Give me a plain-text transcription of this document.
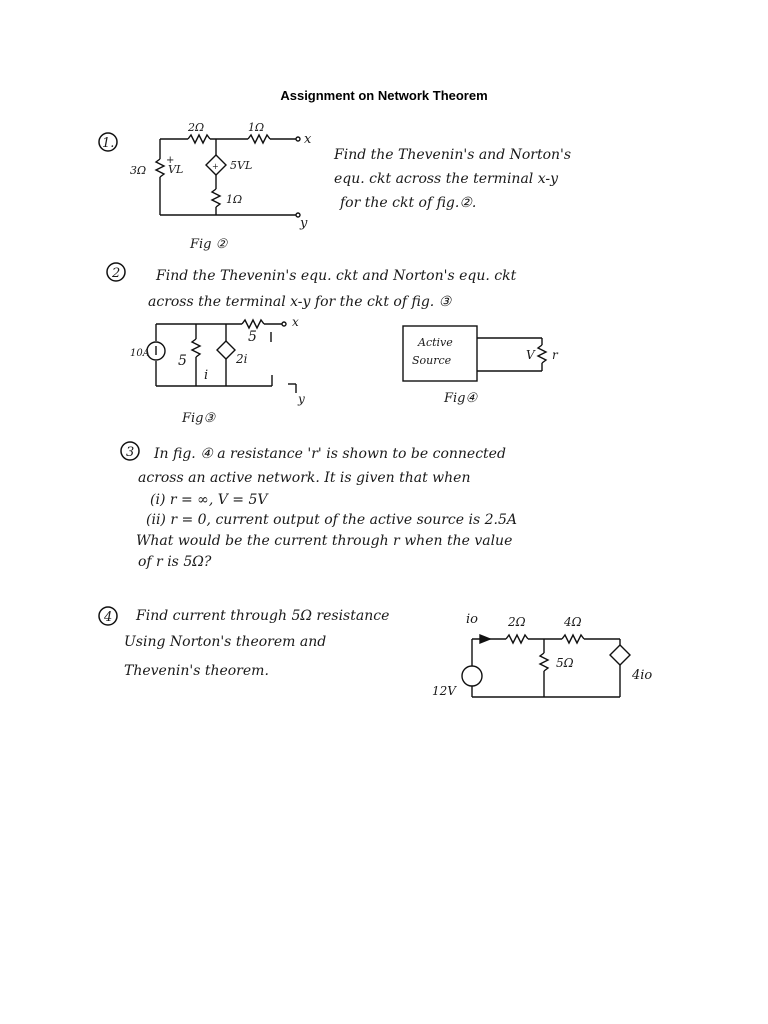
Assignment on Network Theorem
1.
2Ω	1Ω
3Ω
+
VL	+ 5VL
1Ω
x
y
Fig ②
Find the Thevenin's and Norton's
equ. ckt across the terminal x-y
for the ckt of fig.②.
2	Find the Thevenin's equ. ckt and Norton's equ. ckt
across the terminal x-y for the ckt of fig. ③
10A 5
5
2i
i
x
y
Fig③
Active
Source	V r
Fig④
3 In fig. ④ a resistance 'r' is shown to be connected
across an active network. It is given that when
(i) r = ∞, V = 5V
(ii) r = 0, current output of the active source is 2.5A
What would be the current through r when the value
of r is 5Ω?
4 Find current through 5Ω resistance
Using Norton's theorem and
Thevenin's theorem.
io	2Ω	4Ω
5Ω
12V
4io
